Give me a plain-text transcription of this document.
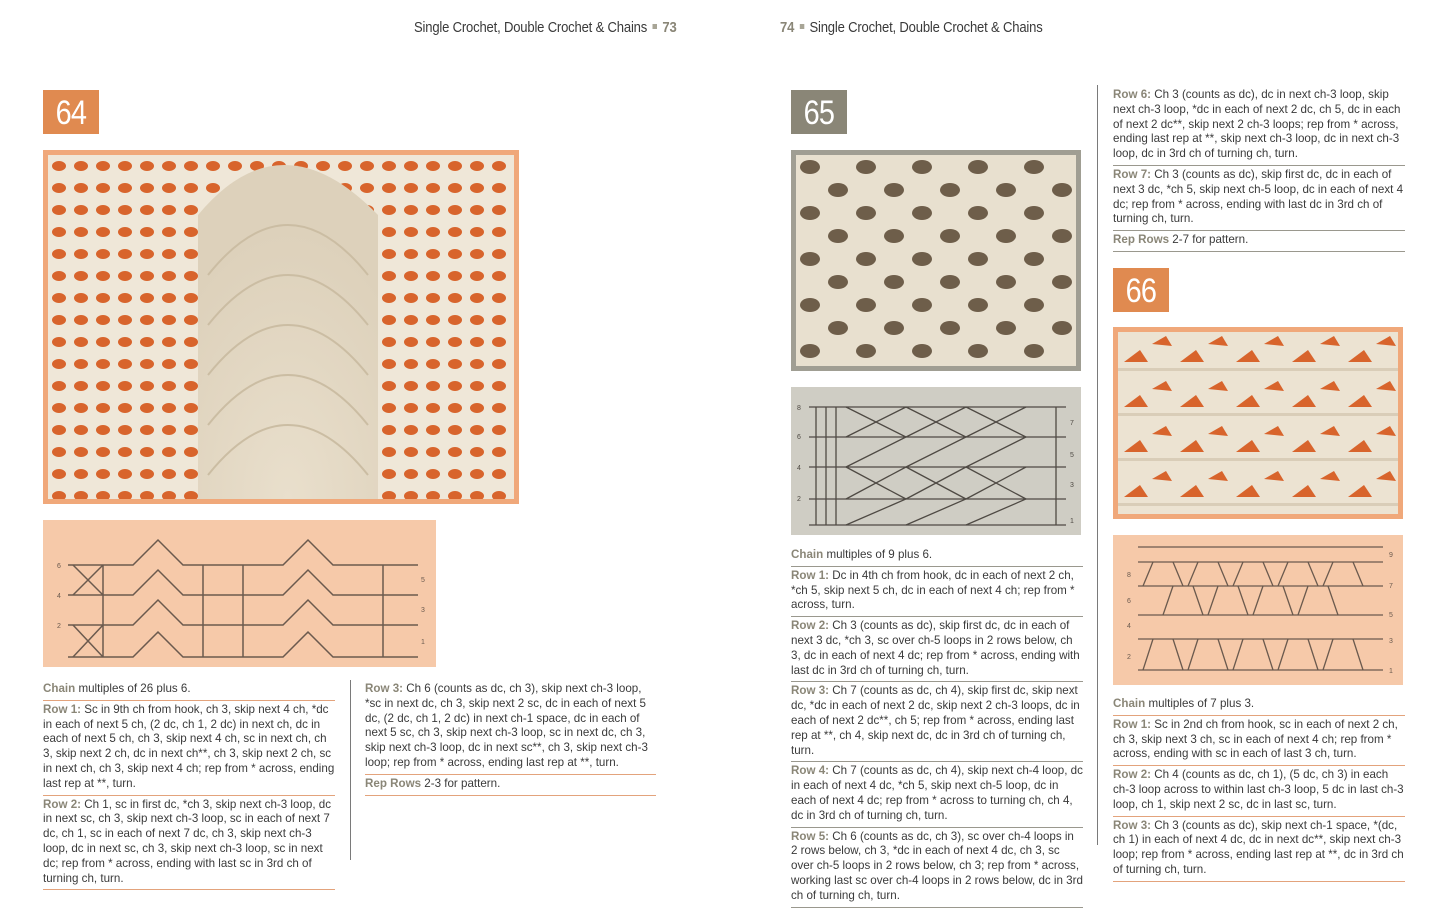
Single Crochet, Double Crochet & Chains 73	74 Single Crochet, Double Crochet & Chains
64
6
4
2
5
3
1

Chain multiples of 26 plus 6.

Row 1: Sc in 9th ch from hook, ch 3, skip next 4 ch, *dc in each of next 5 ch, (2 dc, ch 1, 2 dc) in next ch, dc in each of next 5 ch, ch 3, skip next 4 ch, sc in next ch, ch 3, skip next 2 ch, dc in next ch**, ch 3, skip next 2 ch, sc in next ch, ch 3, skip next 4 ch; rep from * across, ending last rep at **, turn.

Row 2: Ch 1, sc in first dc, *ch 3, skip next ch-3 loop, dc in next sc, ch 3, skip next ch-3 loop, sc in each of next 7 dc, ch 1, sc in each of next 7 dc, ch 3, skip next ch-3 loop, dc in next sc, ch 3, skip next ch-3 loop, sc in next dc; rep from * across, ending with last sc in 3rd ch of turning ch, turn.

Row 3: Ch 6 (counts as dc, ch 3), skip next ch-3 loop, *sc in next dc, ch 3, skip next 2 sc, dc in each of next 5 dc, (2 dc, ch 1, 2 dc) in next ch-1 space, dc in each of next 5 sc, ch 3, skip next ch-3 loop, sc in next dc, ch 3, skip next ch-3 loop, dc in next sc**, ch 3, skip next ch-3 loop; rep from * across, ending last rep at **, turn.

Rep Rows 2-3 for pattern.

65
8
6
4
2
7
5
3
1

Chain multiples of 9 plus 6.

Row 1: Dc in 4th ch from hook, dc in each of next 2 ch, *ch 5, skip next 5 ch, dc in each of next 4 ch; rep from * across, turn.

Row 2: Ch 3 (counts as dc), skip first dc, dc in each of next 3 dc, *ch 3, sc over ch-5 loops in 2 rows below, ch 3, dc in each of next 4 dc; rep from * across, ending with last dc in 3rd ch of turning ch, turn.

Row 3: Ch 7 (counts as dc, ch 4), skip first dc, skip next dc, *dc in each of next 2 dc, skip next 2 ch-3 loops, dc in each of next 2 dc**, ch 5; rep from * across, ending last rep at **, ch 4, skip next dc, dc in 3rd ch of turning ch, turn.

Row 4: Ch 7 (counts as dc, ch 4), skip next ch-4 loop, dc in each of next 4 dc, *ch 5, skip next ch-5 loop, dc in each of next 4 dc; rep from * across to turning ch, ch 4, dc in 3rd ch of turning ch, turn.

Row 5: Ch 6 (counts as dc, ch 3), sc over ch-4 loops in 2 rows below, ch 3, *dc in each of next 4 dc, ch 3, sc over ch-5 loops in 2 rows below, ch 3; rep from * across, working last sc over ch-4 loops in 2 rows below, dc in 3rd ch of turning ch, turn.

Row 6: Ch 3 (counts as dc), dc in next ch-3 loop, skip next ch-3 loop, *dc in each of next 2 dc, ch 5, dc in each of next 2 dc**, skip next 2 ch-3 loops; rep from * across, ending last rep at **, skip next ch-3 loop, dc in next ch-3 loop, dc in 3rd ch of turning ch, turn.

Row 7: Ch 3 (counts as dc), skip first dc, dc in each of next 3 dc, *ch 5, skip next ch-5 loop, dc in each of next 4 dc; rep from * across, ending with last dc in 3rd ch of turning ch, turn.

Rep Rows 2-7 for pattern.

66
8
6
4
2
9
7
5
3
1

Chain multiples of 7 plus 3.

Row 1: Sc in 2nd ch from hook, sc in each of next 2 ch, ch 3, skip next 3 ch, sc in each of next 4 ch; rep from * across, ending with sc in each of last 3 ch, turn.

Row 2: Ch 4 (counts as dc, ch 1), (5 dc, ch 3) in each ch-3 loop across to within last ch-3 loop, 5 dc in last ch-3 loop, ch 1, skip next 2 sc, dc in last sc, turn.

Row 3: Ch 3 (counts as dc), skip next ch-1 space, *(dc, ch 1) in each of next 4 dc, dc in next dc**, skip next ch-3 loop; rep from * across, ending last rep at **, dc in 3rd ch of turning ch, turn.
